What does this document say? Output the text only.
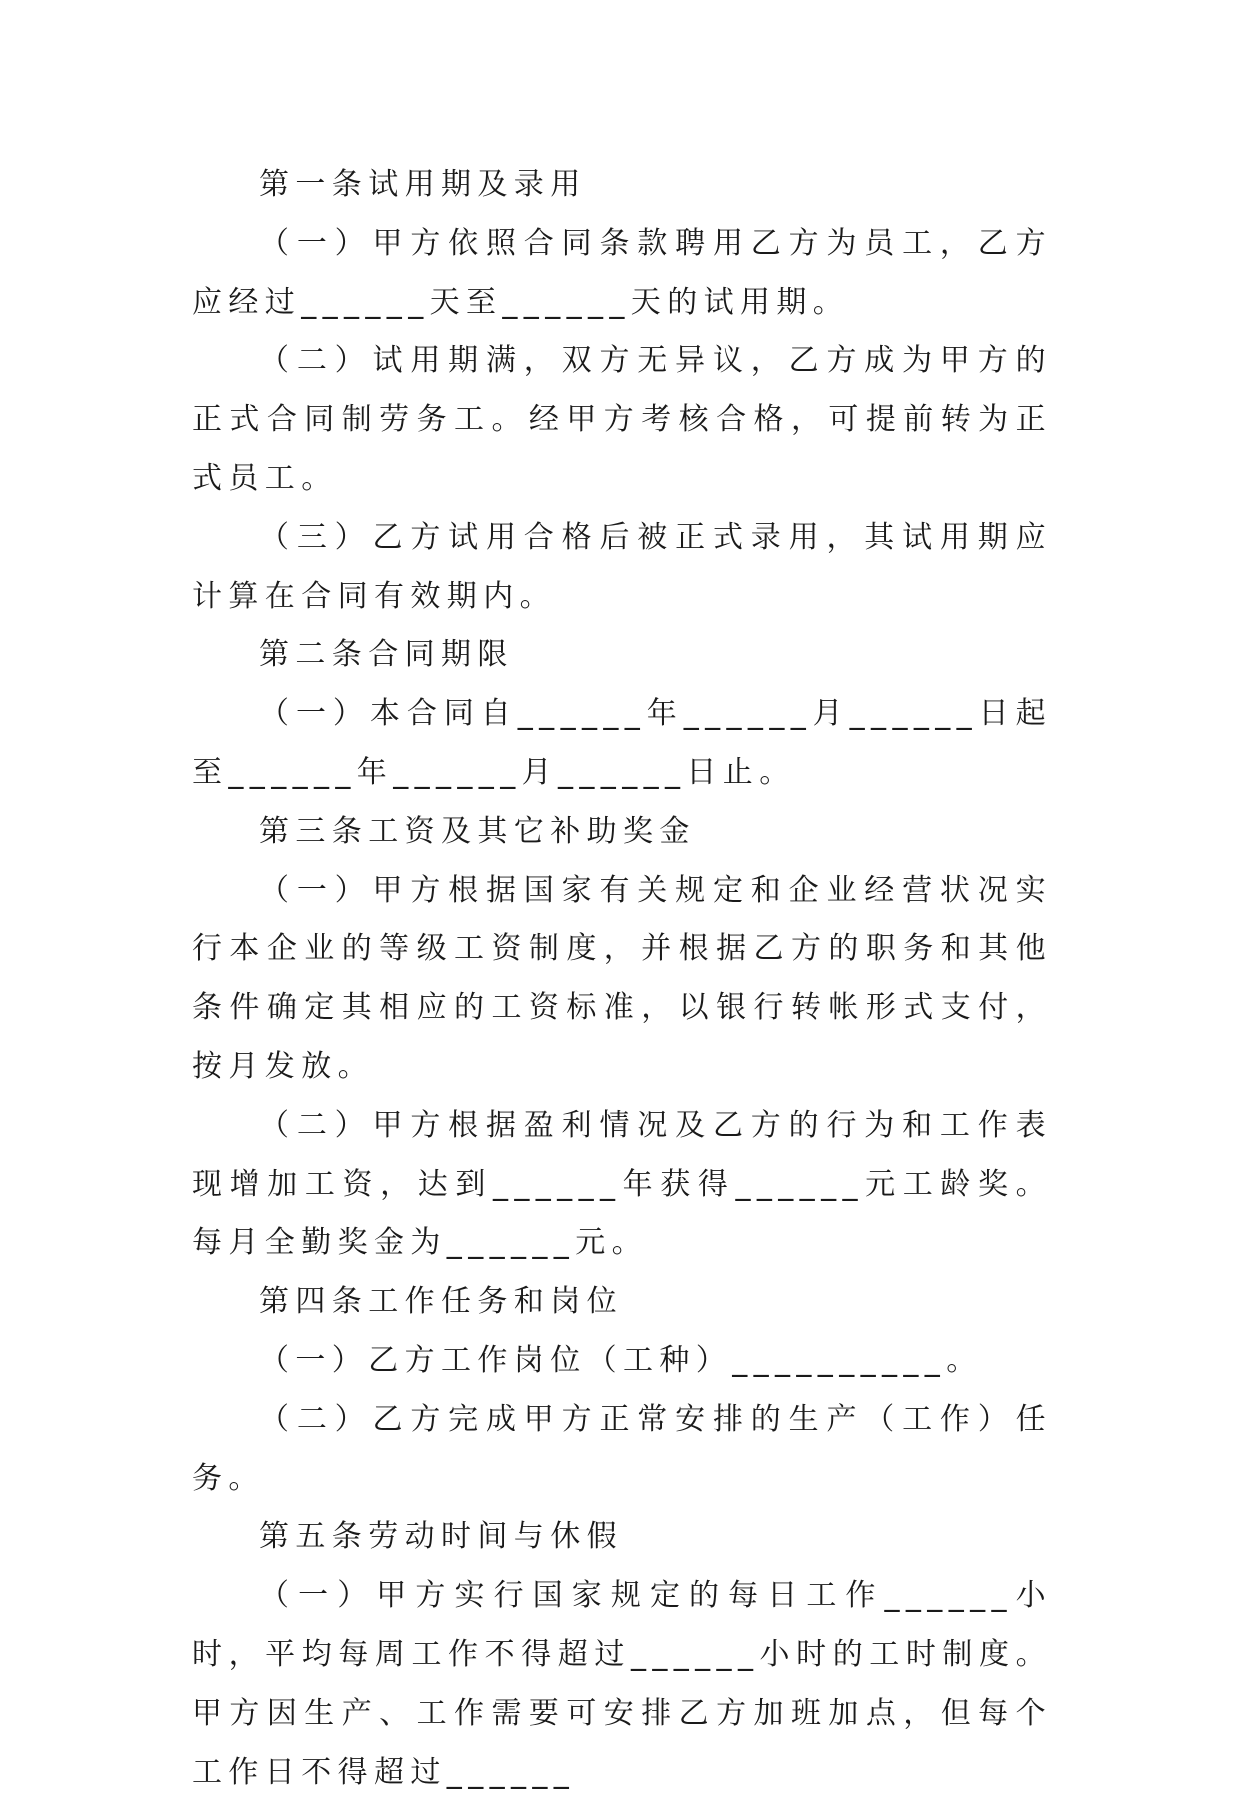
第一条试用期及录用

（一）甲方依照合同条款聘用乙方为员工，乙方应经过______天至______天的试用期。

（二）试用期满，双方无异议，乙方成为甲方的正式合同制劳务工。经甲方考核合格，可提前转为正式员工。

（三）乙方试用合格后被正式录用，其试用期应计算在合同有效期内。

第二条合同期限

（一）本合同自______年______月______日起至______年______月______日止。

第三条工资及其它补助奖金

（一）甲方根据国家有关规定和企业经营状况实行本企业的等级工资制度，并根据乙方的职务和其他条件确定其相应的工资标准，以银行转帐形式支付，按月发放。

（二）甲方根据盈利情况及乙方的行为和工作表现增加工资，达到______年获得______元工龄奖。每月全勤奖金为______元。

第四条工作任务和岗位

（一）乙方工作岗位（工种）__________。

（二）乙方完成甲方正常安排的生产（工作）任务。

第五条劳动时间与休假

（一）甲方实行国家规定的每日工作______小时，平均每周工作不得超过______小时的工时制度。甲方因生产、工作需要可安排乙方加班加点，但每个工作日不得超过______
